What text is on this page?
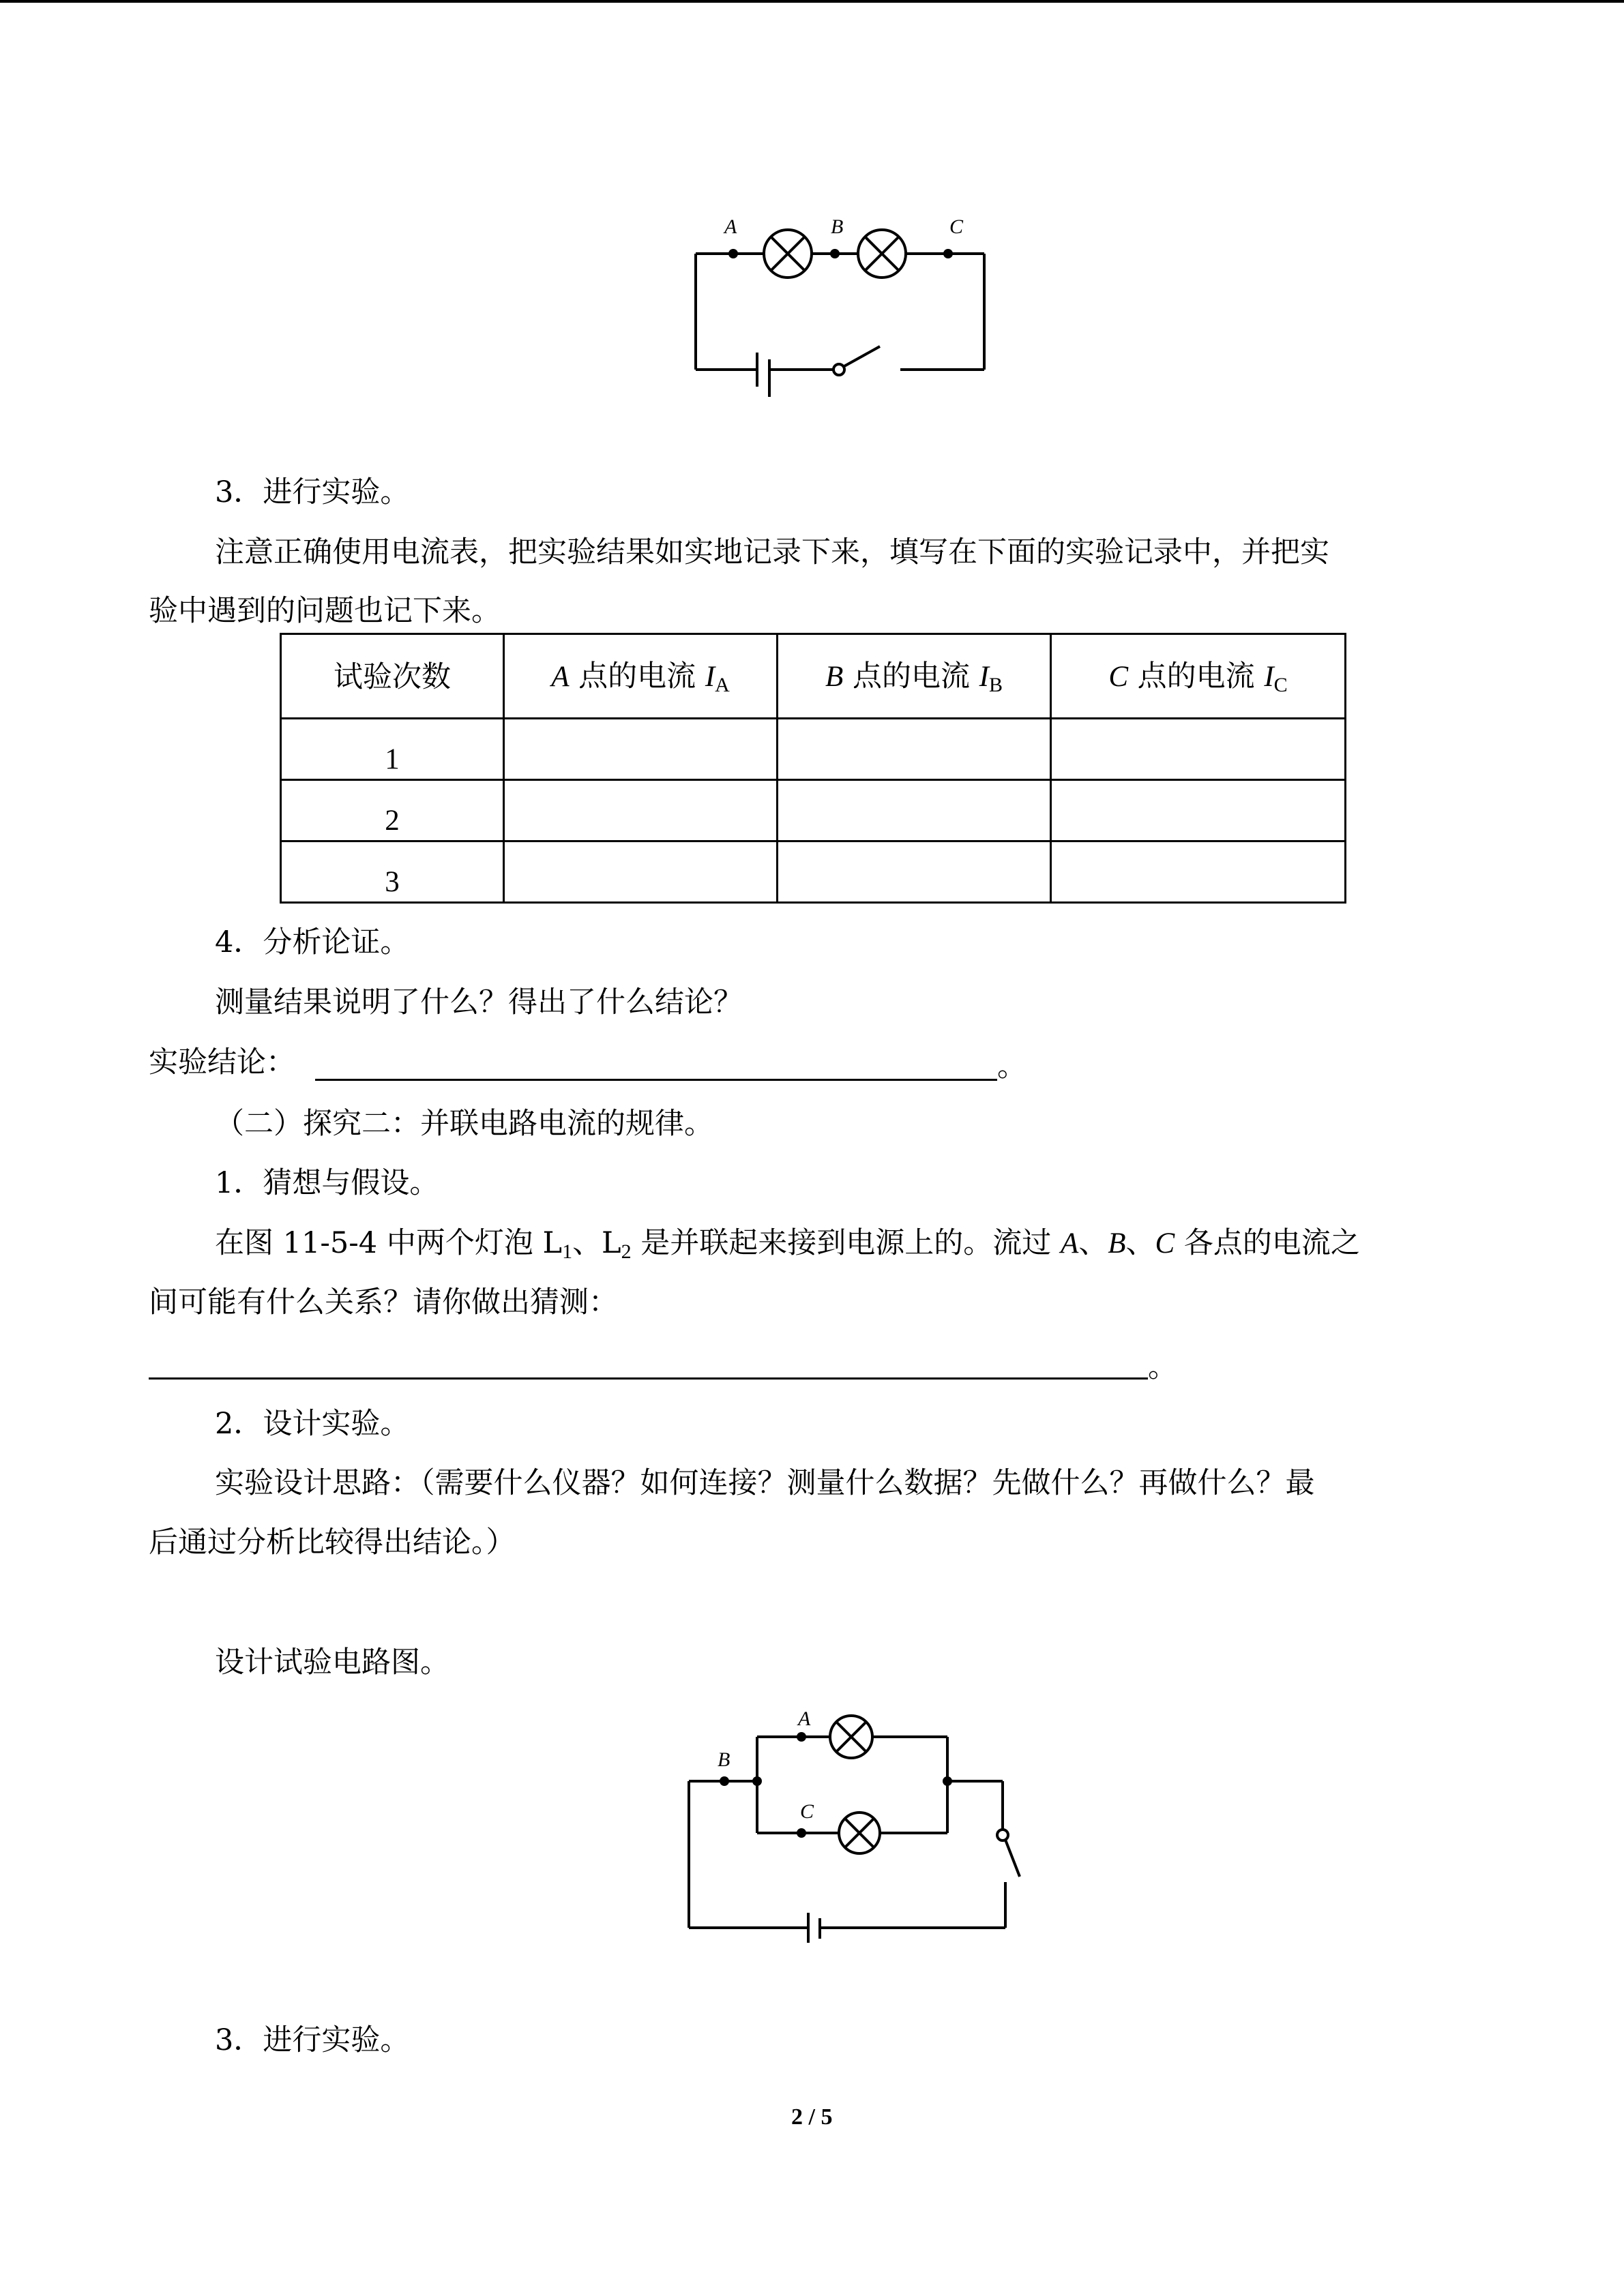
A	B	C
3．进行实验。
注意正确使用电流表，把实验结果如实地记录下来，填写在下面的实验记录中，并把实
验中遇到的问题也记下来。
试验次数	A 点的电流 $I_A$	B 点的电流 $I_B$	C 点的电流 $I_C$
1			
2			
3			
4．分析论证。
测量结果说明了什么？得出了什么结论？
实验结论：	。
（二）探究二：并联电路电流的规律。
1．猜想与假设。
在图 11-5-4 中两个灯泡 $L_1$、$L_2$ 是并联起来接到电源上的。流过 A、B、C 各点的电流之
间可能有什么关系？请你做出猜测：
。
2．设计实验。
实验设计思路：（需要什么仪器？如何连接？测量什么数据？先做什么？再做什么？最
后通过分析比较得出结论。）
设计试验电路图。
A
B
C
3．进行实验。
2 / 5
